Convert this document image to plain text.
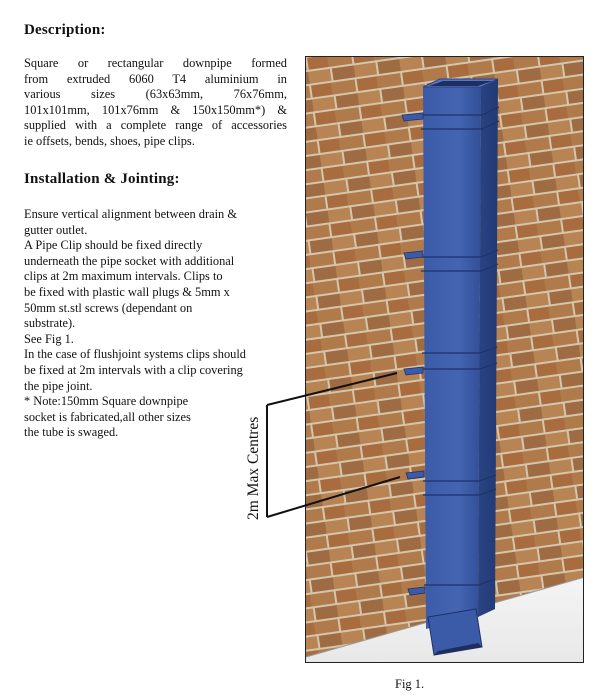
Description:
Square or rectangular downpipe formed
from extruded 6060 T4 aluminium in
various sizes (63x63mm, 76x76mm,
101x101mm, 101x76mm & 150x150mm*) &
supplied with a complete range of accessories
ie offsets, bends, shoes, pipe clips.
Installation & Jointing:
Ensure vertical alignment between drain &
gutter outlet.
A Pipe Clip should be fixed directly
underneath the pipe socket with additional
clips at 2m maximum intervals. Clips to
be fixed with plastic wall plugs & 5mm x
50mm st.stl screws (dependant on
substrate).
See Fig 1.
In the case of flushjoint systems clips should
be fixed at 2m intervals with a clip covering
the pipe joint.
* Note:150mm Square downpipe
socket is fabricated,all other sizes
the tube is swaged.	2m Max Centres
Fig 1.
